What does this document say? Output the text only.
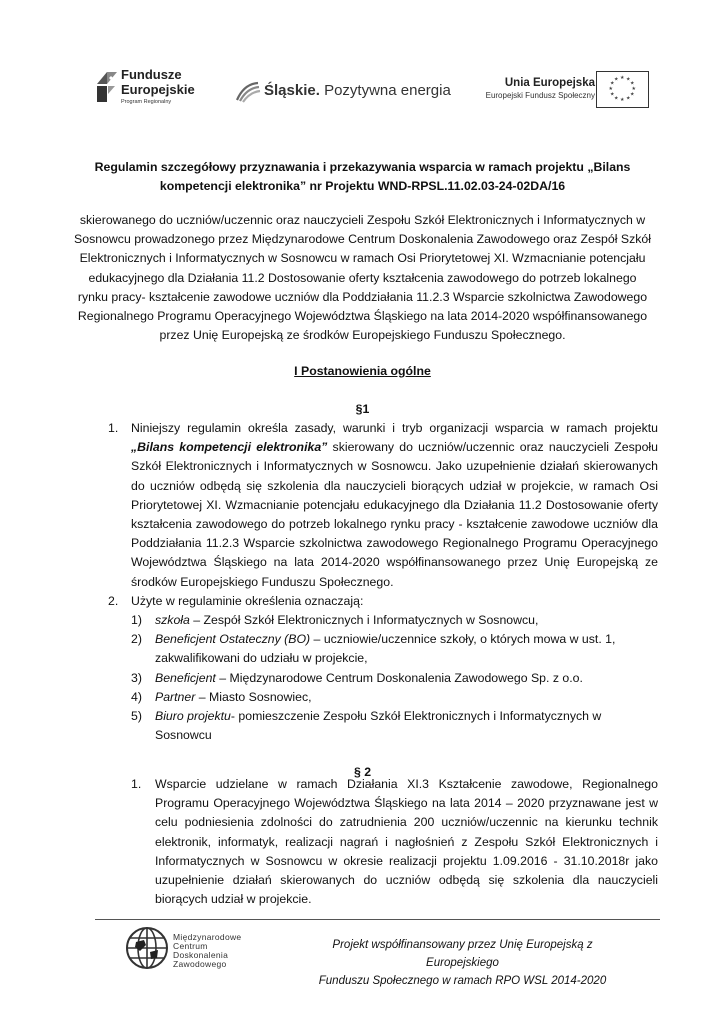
Fundusze
Europejskie
Program Regionalny
Śląskie. Pozytywna energia	Unia Europejska
Europejski Fundusz Społeczny
★ ★
★
★
★
★
★
★
★
★
★
★
Regulamin szczegółowy przyznawania i przekazywania wsparcia w ramach projektu „Bilans
kompetencji elektronika” nr Projektu WND-RPSL.11.02.03-24-02DA/16
skierowanego do uczniów/uczennic oraz nauczycieli Zespołu Szkół Elektronicznych i Informatycznych w
Sosnowcu prowadzonego przez Międzynarodowe Centrum Doskonalenia Zawodowego oraz Zespół Szkół
Elektronicznych i Informatycznych w Sosnowcu w ramach Osi Priorytetowej XI. Wzmacnianie potencjału
edukacyjnego dla Działania 11.2 Dostosowanie oferty kształcenia zawodowego do potrzeb lokalnego
rynku pracy- kształcenie zawodowe uczniów dla Poddziałania 11.2.3 Wsparcie szkolnictwa Zawodowego
Regionalnego Programu Operacyjnego Województwa Śląskiego na lata 2014-2020 współfinansowanego
przez Unię Europejską ze środków Europejskiego Funduszu Społecznego.
I Postanowienia ogólne
§1
1. Niniejszy regulamin określa zasady, warunki i tryb organizacji wsparcia w ramach projektu „Bilans kompetencji elektronika” skierowany do uczniów/uczennic oraz nauczycieli Zespołu Szkół Elektronicznych i Informatycznych w Sosnowcu. Jako uzupełnienie działań skierowanych do uczniów odbędą się szkolenia dla nauczycieli biorących udział w projekcie, w ramach Osi Priorytetowej XI. Wzmacnianie potencjału edukacyjnego dla Działania 11.2 Dostosowanie oferty kształcenia zawodowego do potrzeb lokalnego rynku pracy - kształcenie zawodowe uczniów dla Poddziałania 11.2.3 Wsparcie szkolnictwa zawodowego Regionalnego Programu Operacyjnego Województwa Śląskiego na lata 2014-2020 współfinansowanego przez Unię Europejską ze środków Europejskiego Funduszu Społecznego.
2. Użyte w regulaminie określenia oznaczają:
1) szkoła – Zespół Szkół Elektronicznych i Informatycznych w Sosnowcu,
2) Beneficjent Ostateczny (BO) – uczniowie/uczennice szkoły, o których mowa w ust. 1,
zakwalifikowani do udziału w projekcie,
3) Beneficjent – Międzynarodowe Centrum Doskonalenia Zawodowego Sp. z o.o.
4) Partner – Miasto Sosnowiec,
5) Biuro projektu- pomieszczenie Zespołu Szkół Elektronicznych i Informatycznych w
Sosnowcu
§ 2
1. Wsparcie udzielane w ramach Działania XI.3 Kształcenie zawodowe, Regionalnego Programu Operacyjnego Województwa Śląskiego na lata 2014 – 2020 przyznawane jest w celu podniesienia zdolności do zatrudnienia 200 uczniów/uczennic na kierunku technik elektronik, informatyk, realizacji nagrań i nagłośnień z Zespołu Szkół Elektronicznych i Informatycznych w Sosnowcu w okresie realizacji projektu 1.09.2016 - 31.10.2018r jako uzupełnienie działań skierowanych do uczniów odbędą się szkolenia dla nauczycieli biorących udział w projekcie.
Międzynarodowe
Centrum
Doskonalenia
Zawodowego
Projekt współfinansowany przez Unię Europejską z Europejskiego
Funduszu Społecznego w ramach RPO WSL 2014-2020
